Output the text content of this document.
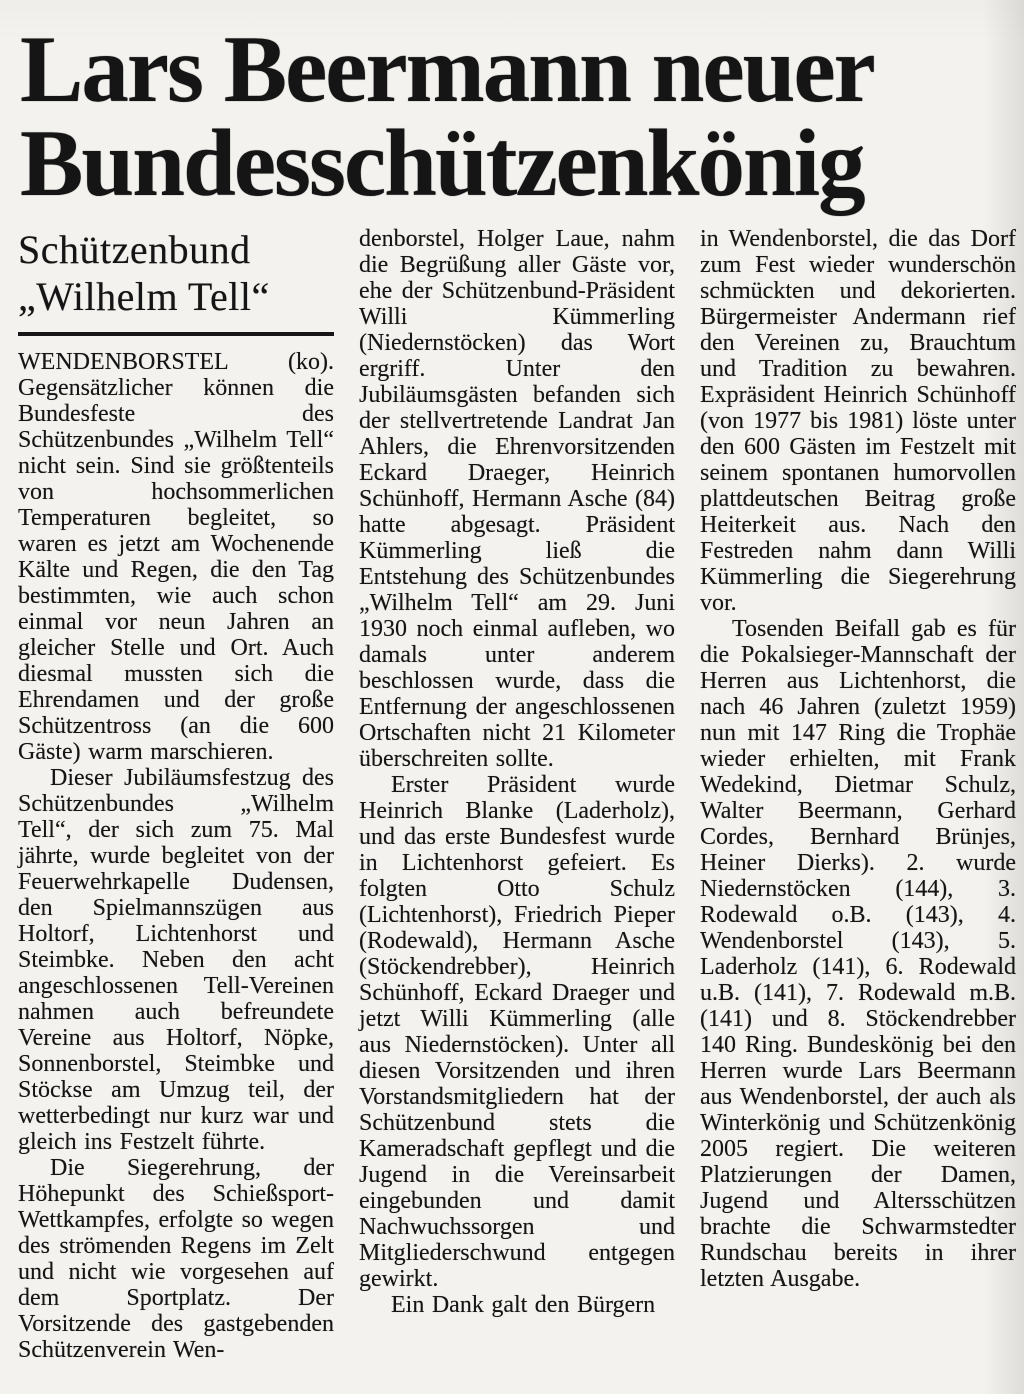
Lars Beermann neuer
Bundesschützenkönig
Schützenbund
„Wilhelm Tell“

WENDENBORSTEL (ko). Gegensätzlicher können die Bundesfeste des Schützenbundes „Wilhelm Tell“ nicht sein. Sind sie größtenteils von hochsommerlichen Temperaturen begleitet, so waren es jetzt am Wochenende Kälte und Regen, die den Tag bestimmten, wie auch schon einmal vor neun Jahren an gleicher Stelle und Ort. Auch diesmal mussten sich die Ehrendamen und der große Schützentross (an die 600 Gäste) warm marschieren.

Dieser Jubiläumsfestzug des Schützenbundes „Wilhelm Tell“, der sich zum 75. Mal jährte, wurde begleitet von der Feuerwehrkapelle Dudensen, den Spielmannszügen aus Holtorf, Lichtenhorst und Steimbke. Neben den acht angeschlossenen Tell-Vereinen nahmen auch befreundete Vereine aus Holtorf, Nöpke, Sonnenborstel, Steimbke und Stöckse am Umzug teil, der wetterbedingt nur kurz war und gleich ins Festzelt führte.

Die Siegerehrung, der Höhepunkt des Schießsport-Wettkampfes, erfolgte so wegen des strömenden Regens im Zelt und nicht wie vorgesehen auf dem Sportplatz. Der Vorsitzende des gastgebenden Schützenverein Wen-

denborstel, Holger Laue, nahm die Begrüßung aller Gäste vor, ehe der Schützenbund-Präsident Willi Kümmerling (Niedernstöcken) das Wort ergriff. Unter den Jubiläumsgästen befanden sich der stellvertretende Landrat Jan Ahlers, die Ehrenvorsitzenden Eckard Draeger, Heinrich Schünhoff, Hermann Asche (84) hatte abgesagt. Präsident Kümmerling ließ die Entstehung des Schützenbundes „Wilhelm Tell“ am 29. Juni 1930 noch einmal aufleben, wo damals unter anderem beschlossen wurde, dass die Entfernung der angeschlossenen Ortschaften nicht 21 Kilometer überschreiten sollte.

Erster Präsident wurde Heinrich Blanke (Laderholz), und das erste Bundesfest wurde in Lichtenhorst gefeiert. Es folgten Otto Schulz (Lichtenhorst), Friedrich Pieper (Rodewald), Hermann Asche (Stöckendrebber), Heinrich Schünhoff, Eckard Draeger und jetzt Willi Kümmerling (alle aus Niedernstöcken). Unter all diesen Vorsitzenden und ihren Vorstandsmitgliedern hat der Schützenbund stets die Kameradschaft gepflegt und die Jugend in die Vereinsarbeit eingebunden und damit Nachwuchssorgen und Mitgliederschwund entgegen gewirkt.

Ein Dank galt den Bürgern

in Wendenborstel, die das Dorf zum Fest wieder wunderschön schmückten und dekorierten. Bürgermeister Andermann rief den Vereinen zu, Brauchtum und Tradition zu bewahren. Expräsident Heinrich Schünhoff (von 1977 bis 1981) löste unter den 600 Gästen im Festzelt mit seinem spontanen humorvollen plattdeutschen Beitrag große Heiterkeit aus. Nach den Festreden nahm dann Willi Kümmerling die Siegerehrung vor.

Tosenden Beifall gab es für die Pokalsieger-Mannschaft der Herren aus Lichtenhorst, die nach 46 Jahren (zuletzt 1959) nun mit 147 Ring die Trophäe wieder erhielten, mit Frank Wedekind, Dietmar Schulz, Walter Beermann, Gerhard Cordes, Bernhard Brünjes, Heiner Dierks). 2. wurde Niedernstöcken (144), 3. Rodewald o.B. (143), 4. Wendenborstel (143), 5. Laderholz (141), 6. Rodewald u.B. (141), 7. Rodewald m.B. (141) und 8. Stöckendrebber 140 Ring. Bundeskönig bei den Herren wurde Lars Beermann aus Wendenborstel, der auch als Winterkönig und Schützenkönig 2005 regiert. Die weiteren Platzierungen der Damen, Jugend und Altersschützen brachte die Schwarmstedter Rundschau bereits in ihrer letzten Ausgabe.
